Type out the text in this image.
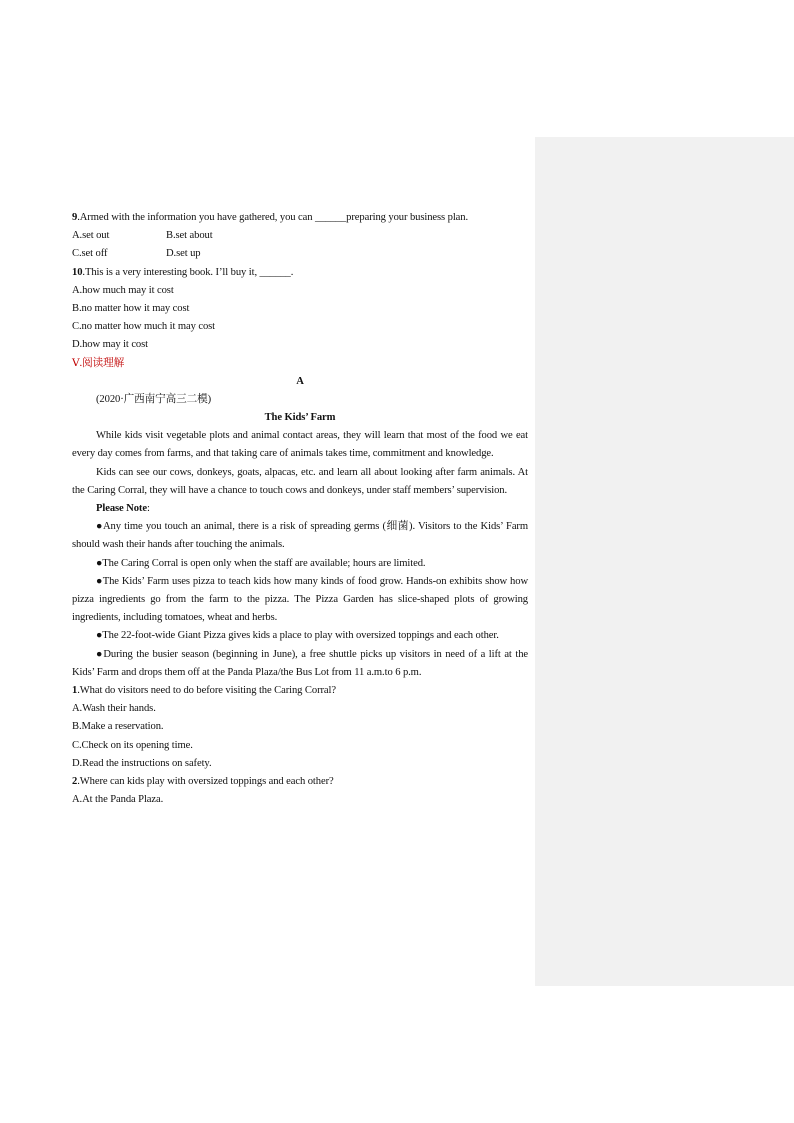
9.Armed with the information you have gathered, you can ______preparing your business plan.

A.set out	B.set about
C.set off	D.set up
10.This is a very interesting book. I’ll buy it, ______.
A.how much may it cost
B.no matter how it may cost
C.no matter how much it may cost
D.how may it cost
Ⅴ.阅读理解
A
(2020·广西南宁高三二模)
The Kids’ Farm

While kids visit vegetable plots and animal contact areas, they will learn that most of the food we eat every day comes from farms, and that taking care of animals takes time, commitment and knowledge.

Kids can see our cows, donkeys, goats, alpacas, etc. and learn all about looking after farm animals. At the Caring Corral, they will have a chance to touch cows and donkeys, under staff members’ supervision.

Please Note:

●Any time you touch an animal, there is a risk of spreading germs (细菌). Visitors to the Kids’ Farm should wash their hands after touching the animals.

●The Caring Corral is open only when the staff are available; hours are limited.

●The Kids’ Farm uses pizza to teach kids how many kinds of food grow. Hands-on exhibits show how pizza ingredients go from the farm to the pizza. The Pizza Garden has slice-shaped plots of growing ingredients, including tomatoes, wheat and herbs.

●The 22-foot-wide Giant Pizza gives kids a place to play with oversized toppings and each other.

●During the busier season (beginning in June), a free shuttle picks up visitors in need of a lift at the Kids’ Farm and drops them off at the Panda Plaza/the Bus Lot from 11 a.m.to 6 p.m.

1.What do visitors need to do before visiting the Caring Corral?
A.Wash their hands.
B.Make a reservation.
C.Check on its opening time.
D.Read the instructions on safety.
2.Where can kids play with oversized toppings and each other?
A.At the Panda Plaza.
